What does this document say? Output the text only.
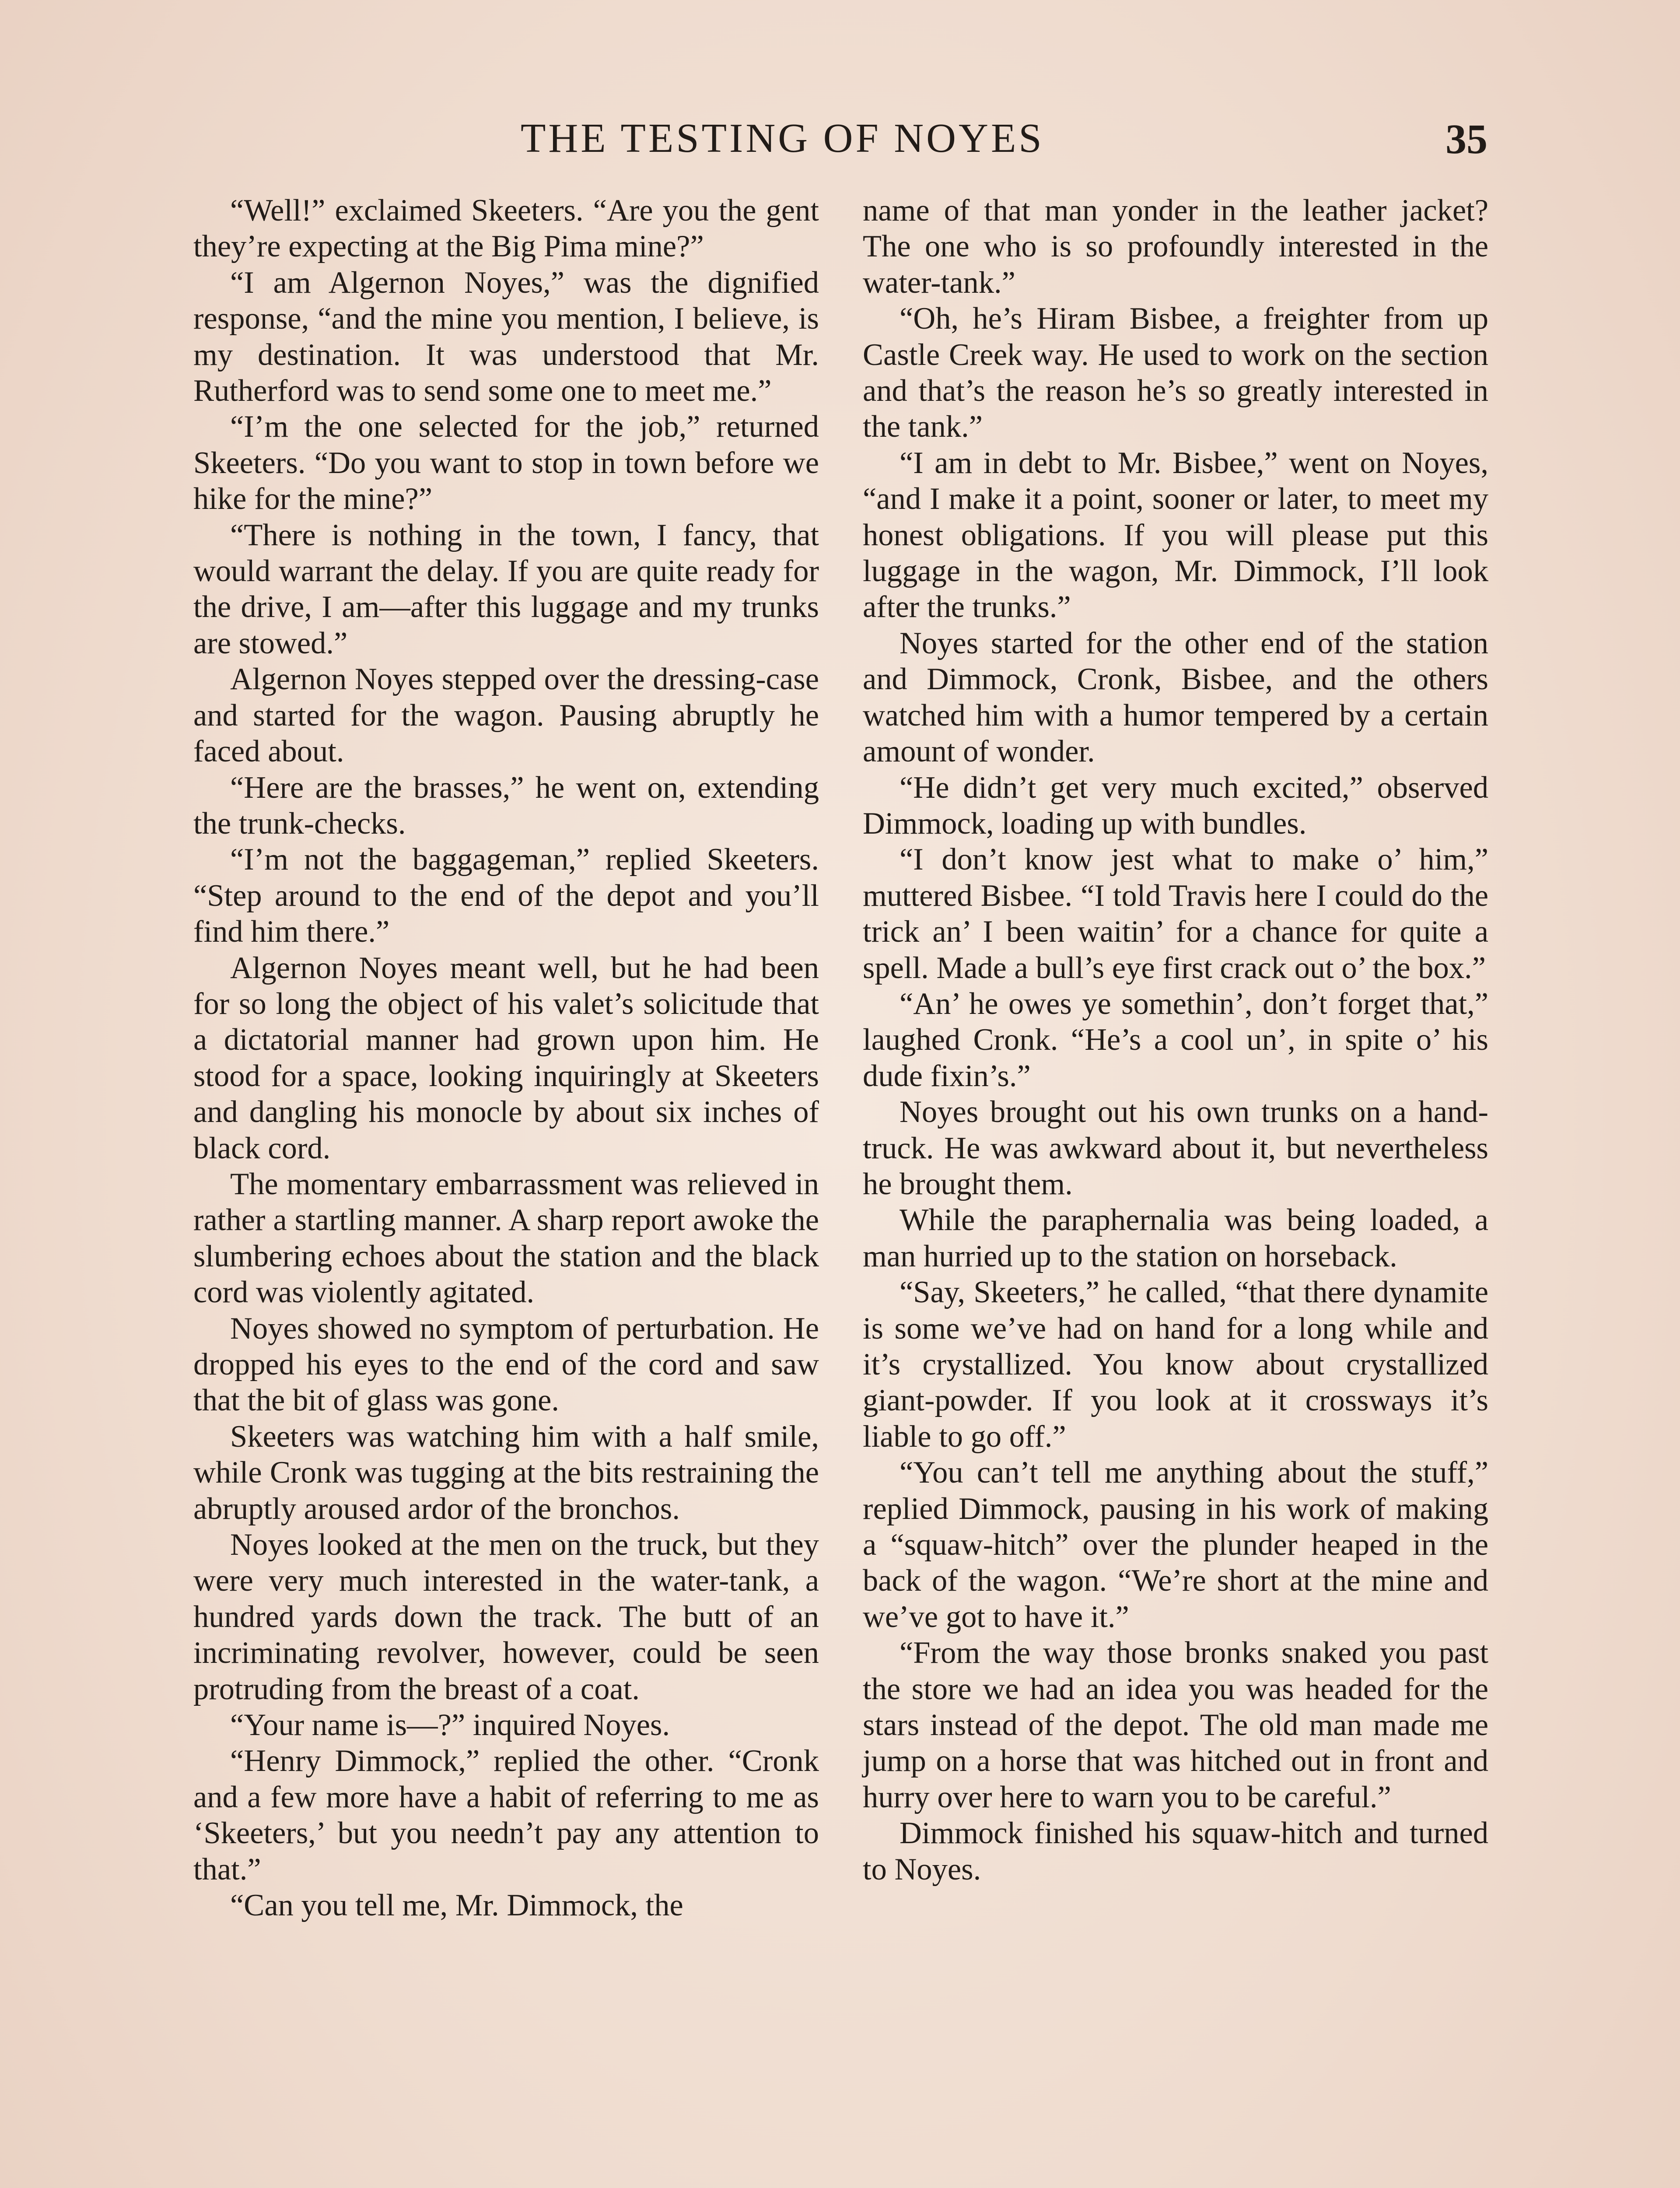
THE TESTING OF NOYES	35

“Well!” exclaimed Skeeters. “Are you the gent they’re expecting at the Big Pima mine?”

“I am Algernon Noyes,” was the dignified response, “and the mine you mention, I believe, is my destination. It was understood that Mr. Rutherford was to send some one to meet me.”

“I’m the one selected for the job,” returned Skeeters. “Do you want to stop in town before we hike for the mine?”

“There is nothing in the town, I fancy, that would warrant the delay. If you are quite ready for the drive, I am—after this luggage and my trunks are stowed.”

Algernon Noyes stepped over the dressing-case and started for the wagon. Pausing abruptly he faced about.

“Here are the brasses,” he went on, extending the trunk-checks.

“I’m not the baggageman,” replied Skeeters. “Step around to the end of the depot and you’ll find him there.”

Algernon Noyes meant well, but he had been for so long the object of his valet’s solicitude that a dictatorial manner had grown upon him. He stood for a space, looking inquiringly at Skeeters and dangling his monocle by about six inches of black cord.

The momentary embarrassment was relieved in rather a startling manner. A sharp report awoke the slumbering echoes about the station and the black cord was violently agitated.

Noyes showed no symptom of perturbation. He dropped his eyes to the end of the cord and saw that the bit of glass was gone.

Skeeters was watching him with a half smile, while Cronk was tugging at the bits restraining the abruptly aroused ardor of the bronchos.

Noyes looked at the men on the truck, but they were very much interested in the water-tank, a hundred yards down the track. The butt of an incriminating revolver, however, could be seen protruding from the breast of a coat.

“Your name is—?” inquired Noyes.

“Henry Dimmock,” replied the other. “Cronk and a few more have a habit of referring to me as ‘Skeeters,’ but you needn’t pay any attention to that.”

“Can you tell me, Mr. Dimmock, the

name of that man yonder in the leather jacket? The one who is so profoundly interested in the water-tank.”

“Oh, he’s Hiram Bisbee, a freighter from up Castle Creek way. He used to work on the section and that’s the reason he’s so greatly interested in the tank.”

“I am in debt to Mr. Bisbee,” went on Noyes, “and I make it a point, sooner or later, to meet my honest obligations. If you will please put this luggage in the wagon, Mr. Dimmock, I’ll look after the trunks.”

Noyes started for the other end of the station and Dimmock, Cronk, Bisbee, and the others watched him with a humor tempered by a certain amount of wonder.

“He didn’t get very much excited,” observed Dimmock, loading up with bundles.

“I don’t know jest what to make o’ him,” muttered Bisbee. “I told Travis here I could do the trick an’ I been waitin’ for a chance for quite a spell. Made a bull’s eye first crack out o’ the box.”

“An’ he owes ye somethin’, don’t forget that,” laughed Cronk. “He’s a cool un’, in spite o’ his dude fixin’s.”

Noyes brought out his own trunks on a hand-truck. He was awkward about it, but nevertheless he brought them.

While the paraphernalia was being loaded, a man hurried up to the station on horseback.

“Say, Skeeters,” he called, “that there dynamite is some we’ve had on hand for a long while and it’s crystallized. You know about crystallized giant-powder. If you look at it crossways it’s liable to go off.”

“You can’t tell me anything about the stuff,” replied Dimmock, pausing in his work of making a “squaw-hitch” over the plunder heaped in the back of the wagon. “We’re short at the mine and we’ve got to have it.”

“From the way those bronks snaked you past the store we had an idea you was headed for the stars instead of the depot. The old man made me jump on a horse that was hitched out in front and hurry over here to warn you to be careful.”

Dimmock finished his squaw-hitch and turned to Noyes.
